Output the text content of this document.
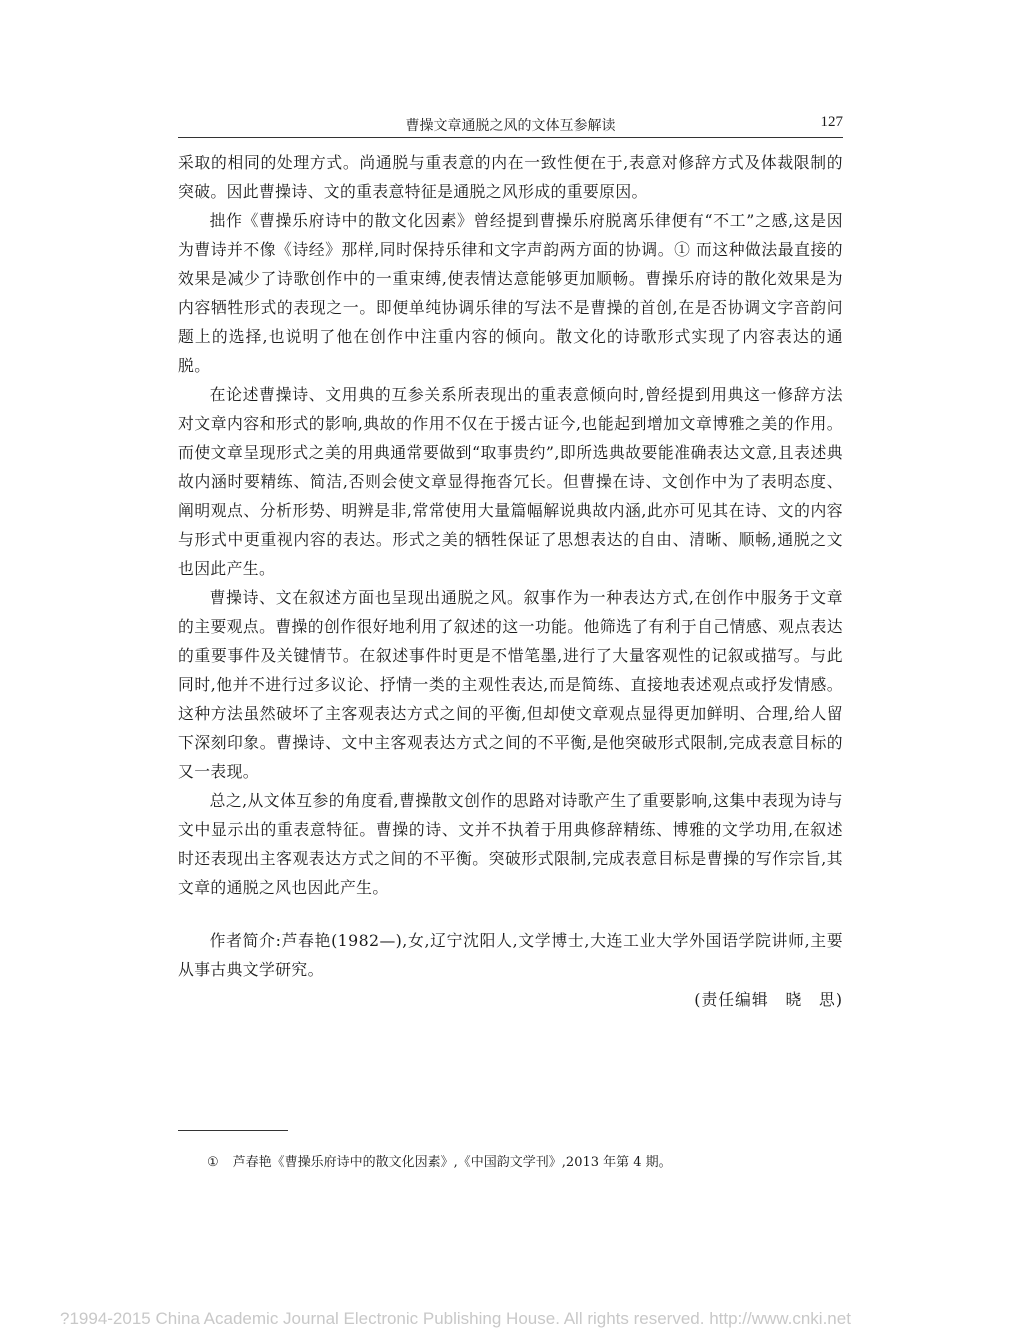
曹操文章通脱之风的文体互参解读	127

采取的相同的处理方式。尚通脱与重表意的内在一致性便在于,表意对修辞方式及体裁限制的突破。因此曹操诗、文的重表意特征是通脱之风形成的重要原因。

拙作《曹操乐府诗中的散文化因素》曾经提到曹操乐府脱离乐律便有“不工”之感,这是因为曹诗并不像《诗经》那样,同时保持乐律和文字声韵两方面的协调。① 而这种做法最直接的效果是减少了诗歌创作中的一重束缚,使表情达意能够更加顺畅。曹操乐府诗的散化效果是为内容牺牲形式的表现之一。即便单纯协调乐律的写法不是曹操的首创,在是否协调文字音韵问题上的选择,也说明了他在创作中注重内容的倾向。散文化的诗歌形式实现了内容表达的通脱。

在论述曹操诗、文用典的互参关系所表现出的重表意倾向时,曾经提到用典这一修辞方法对文章内容和形式的影响,典故的作用不仅在于援古证今,也能起到增加文章博雅之美的作用。而使文章呈现形式之美的用典通常要做到“取事贵约”,即所选典故要能准确表达文意,且表述典故内涵时要精练、简洁,否则会使文章显得拖沓冗长。但曹操在诗、文创作中为了表明态度、阐明观点、分析形势、明辨是非,常常使用大量篇幅解说典故内涵,此亦可见其在诗、文的内容与形式中更重视内容的表达。形式之美的牺牲保证了思想表达的自由、清晰、顺畅,通脱之文也因此产生。

曹操诗、文在叙述方面也呈现出通脱之风。叙事作为一种表达方式,在创作中服务于文章的主要观点。曹操的创作很好地利用了叙述的这一功能。他筛选了有利于自己情感、观点表达的重要事件及关键情节。在叙述事件时更是不惜笔墨,进行了大量客观性的记叙或描写。与此同时,他并不进行过多议论、抒情一类的主观性表达,而是简练、直接地表述观点或抒发情感。这种方法虽然破坏了主客观表达方式之间的平衡,但却使文章观点显得更加鲜明、合理,给人留下深刻印象。曹操诗、文中主客观表达方式之间的不平衡,是他突破形式限制,完成表意目标的又一表现。

总之,从文体互参的角度看,曹操散文创作的思路对诗歌产生了重要影响,这集中表现为诗与文中显示出的重表意特征。曹操的诗、文并不执着于用典修辞精练、博雅的文学功用,在叙述时还表现出主客观表达方式之间的不平衡。突破形式限制,完成表意目标是曹操的写作宗旨,其文章的通脱之风也因此产生。

作者简介:芦春艳(1982—),女,辽宁沈阳人,文学博士,大连工业大学外国语学院讲师,主要从事古典文学研究。

(责任编辑　晓　思)

① 芦春艳《曹操乐府诗中的散文化因素》,《中国韵文学刊》,2013 年第 4 期。
?1994-2015 China Academic Journal Electronic Publishing House. All rights reserved. http://www.cnki.net
